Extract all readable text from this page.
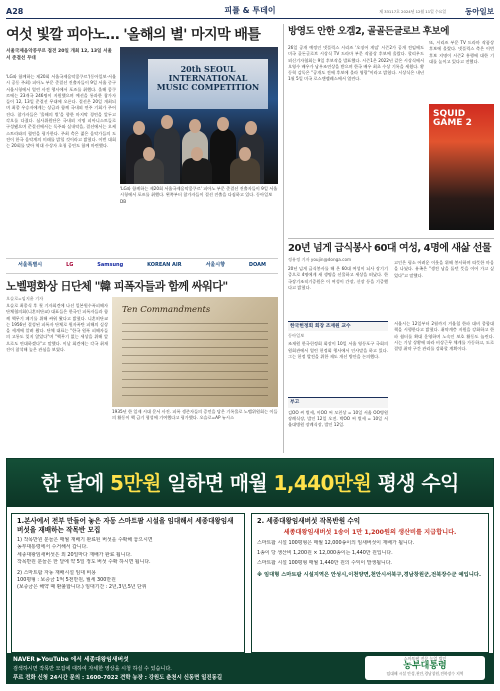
A28	피플 & 투데이	제 33117호 2024년 12월 11일 수요일	동아일보
여섯 빛깔 피아노… '올해의 별' 마지막 배틀
서울국제음악콩쿠르 접전 20일 개최 12, 13일 서울서 준결선 무대
'LG와 함께하는 제20회 서울국제음악콩쿠르'(동아일보·서울시 공동 주최) 피아노 부문 준결선 진출자들이 9일 서울 중구 서울시청에서 열린 사전 행사에서 포즈를 취했다. 올해 콩쿠르에는 23개국 246명이 지원했으며 예선을 통과한 참가자들이 12, 13일 준결선 무대에 오른다. 결선은 20일 개최되며 최종 우승자에게는 상금과 함께 국내외 연주 기회가 주어진다. 참가자들은 '올해의 별'을 향한 마지막 경연을 앞두고 각오를 다졌다. 심사위원단은 국내외 저명 피아니스트들로 구성됐으며 준결선에서는 독주와 실내악을, 결선에서는 오케스트라와의 협연을 평가한다. 주최 측은 젊은 음악가들의 도전이 한국 음악계의 미래를 밝힐 것이라고 밝혔다. 이번 대회는 20회를 맞아 역대 수상자 초청 공연도 함께 마련했다.
20th SEOUL INTERNATIONAL MUSIC COMPETITION
'LG와 함께하는 제20회 서울국제음악콩쿠르' 피아노 부문 준결선 진출자들이 9일 서울시청에서 포즈를 취했다. 왼쪽부터 참가자들이 결선 진출을 다짐하고 있다. 동아일보DB
서울특별시	LG	Samsung	KOREAN AIR	서울시향	DOAM
노벨평화상 日단체 "韓 피폭자들과 함께 싸워다"
오슬로=임지윤 기자
오슬로 최종식 후 첫 기자회견에 나선 일본원수폭피해자단체협의회(니혼히단쿄) 대표들은 한국인 피폭자들과 함께 핵무기 폐기를 위해 싸워 왔다고 밝혔다. 니혼히단쿄는 1956년 결성된 피폭자 단체로 원자폭탄 피해의 실상을 세계에 알려 왔다. 단체 대표는 "한국 원폭 피해자들의 고통도 잊지 않았다"며 "핵무기 없는 세상을 위해 앞으로도 연대하겠다"고 말했다. 이날 회견에는 각국 취재진이 참석해 높은 관심을 보였다.
Ten Commandments
1935년 한 일제 시대 문서 사진. 피폭 생존자들의 증언을 담은 기록물로 노벨위원회는 이들의 활동이 핵 금기 형성에 기여했다고 평가했다. 오슬로=AP 뉴시스
방영도 안한 오겜2, 골골든글로브 후보에
26일 공개 예정인 넷플릭스 시리즈 '오징어 게임' 시즌2가 공개 전임에도 미국 골든글로브 시상식 TV 드라마 부문 작품상 후보에 올랐다. 할리우드외신기자협회는 9일 후보작을 발표했다. 시즌1은 2022년 같은 시상식에서 오영수 배우가 남우조연상을 받으며 한국 배우 최초 수상 기록을 세웠다. 황동혁 감독은 "공개도 전에 후보에 올라 영광"이라고 밝혔다. 시상식은 내년 1월 5일 미국 로스앤젤레스에서 열린다.
또, 시리즈 부문 TV 드라마 작품상 후보에 올랐다. 넷플릭스 측은 이번 후보 지명이 시즌2 흥행에 대한 기대를 높이고 있다고 전했다.
SQUID GAME 2
20년 넘게 급식봉사 60대 여성, 4명에 새삶 선물
정유정 기자 youjin@donga.com
20년 넘게 급식봉사를 해 온 60대 여성이 뇌사 장기기증으로 4명에게 새 생명을 선물하고 세상을 떠났다. 한국장기조직기증원은 이 여성이 간장, 신장 등을 기증했다고 밝혔다.
고인은 평소 어려운 이웃을 위해 봉사하며 따뜻한 마음을 나눴다. 유족은 "생전 남을 돕던 뜻을 이어 가고 싶었다"고 말했다.
한국헌정회 회장 조재원 교수
동아일보
조재원 한국헌정회 회장이 10일 서울 영등포구 국회의원회관에서 열린 헌정회 행사에서 인사말을 하고 있다. 그는 헌정 발전을 위한 제도 개선 방안을 논의했다.
부고
김OO 씨 별세, 이OO 씨 모친상 = 10일 서울 OO병원 장례식장, 발인 12일 오전. 박OO 씨 별세 = 10일 서울대병원 장례식장, 발인 12일.
서울시는 12일부터 2월까지 겨울철 한파 대비 종합대책을 시행한다고 밝혔다. 취약계층 지원을 강화하고 한파 쉼터를 확대 운영하며 노숙인 보호 활동도 늘린다. 시는 기상 상황에 따라 비상근무 체계를 가동하고, 도로 결빙 취약 구간 관리를 강화할 계획이다.
한 달에 5만원 일하면 매월 1,440만원 평생 수익
1.본사에서 전부 만들어 놓은 자동 스마트팜 시설을 임대해서 세종대왕임새버섯을 재배하는 작목반 모집
1) 작목반원 분들은 매월 재배기 완료된 버섯을 수확해 놓으시면
농부대통령에서 수거해서 갑니다.
세종대왕임새버섯은 외 20일마다 재배가 완료 됩니다.
작목반원 분들은 한 달에 약 5일 정도 버섯 수확 하시면 됩니다.
2) 스마트팜 자동 재배시설 임대 비용
100평형 : 보증금 1억 5천만원, 월세 300만원
(보증금은 해약 때 환불합니다.) 임대기간 : 2년,3년,5년 단위
2. 세종대왕임새버섯 작목반원 수익
세종대왕임새버섯 1송이 1만 1,200원의 생산비를 지급합니다.
스마트팜 시설 100평형은 매월 12,000송이의 임새버섯이 재배가 됩니다.
1송이 당 생산비 1,200원 × 12,000송이는 1,440만 원입니다.
스마트팜 시설 100평형 매월 1,440만 원의 수익이 발생됩니다.
※ 임대형 스마트팜 시설지역은 안성시,이천양면,천안시서북구,경남창원군,전북장수군 예입니다.
NAVER ▶YouTube 에서 세종대왕임새버섯
검색하시면 작목반 모집에 대하여 자세한 영상을 시청 하실 수 있습니다.
푸르 전화 신청 24시간 문의 : 1600-7022 견학 농장 : 강원도 춘천시 신동면 일진동길
스마트팜 전문 농업 법인
농부대통령
임대해 시설 안성,천안,경남창원,전북장수 지역
